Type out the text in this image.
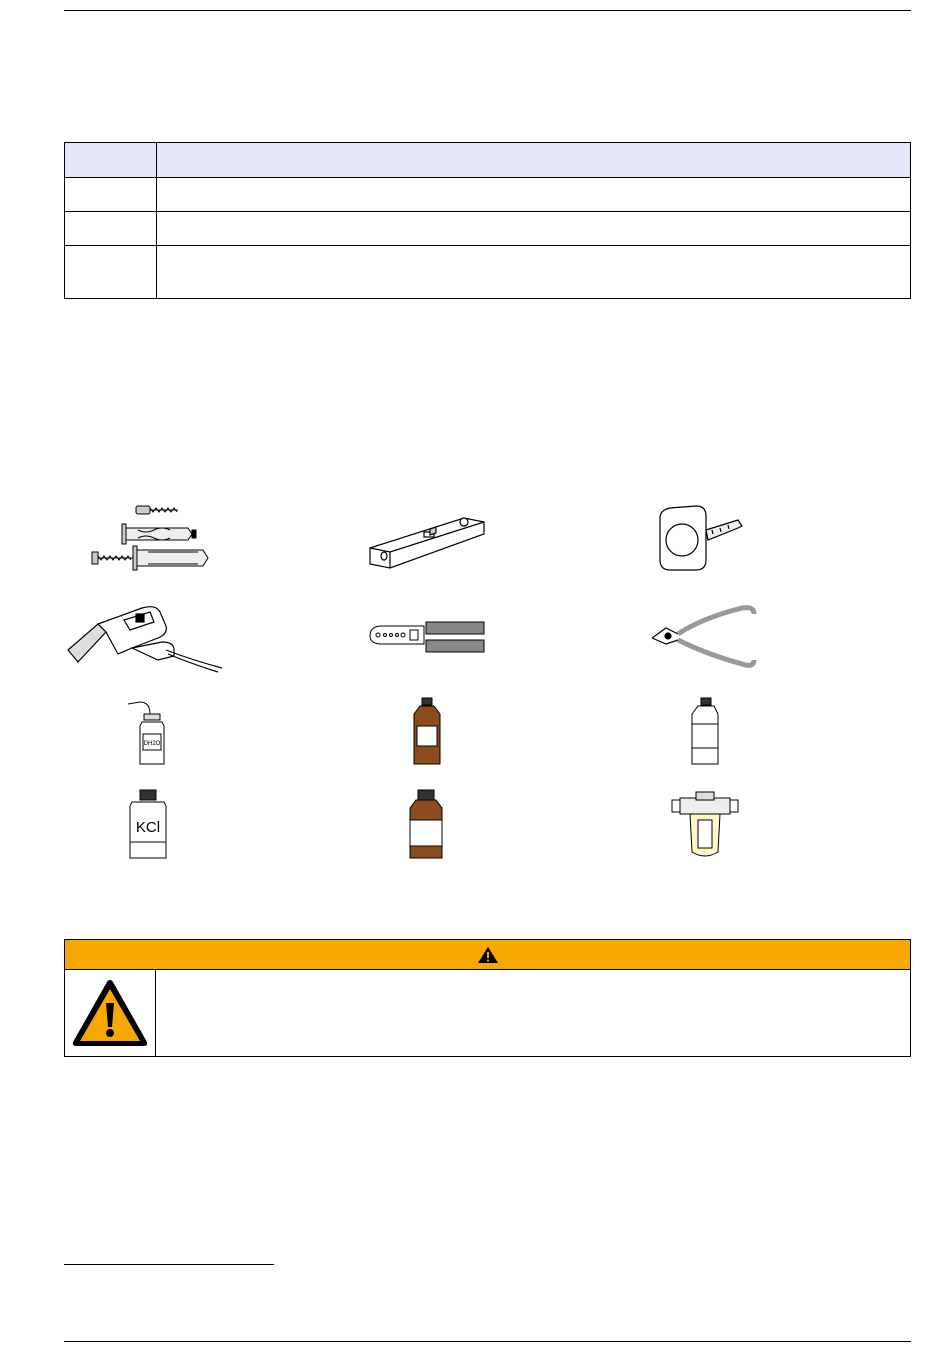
DH2O
KCl
